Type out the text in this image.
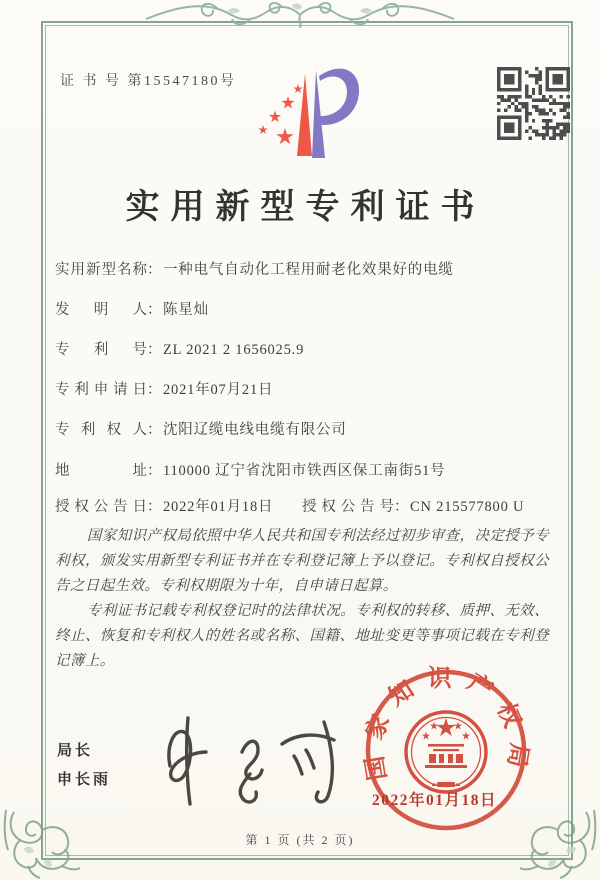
证 书 号 第15547180号
实用新型专利证书
实用新型名称： 一种电气自动化工程用耐老化效果好的电缆
发明人： 陈星灿
专利号： ZL 2021 2 1656025.9
专利申请日： 2021年07月21日
专利权人： 沈阳辽缆电线电缆有限公司
地址： 110000 辽宁省沈阳市铁西区保工南街51号
授权公告日： 2022年01月18日 授权公告号： CN 215577800 U

国家知识产权局依照中华人民共和国专利法经过初步审查，决定授予专利权，颁发实用新型专利证书并在专利登记簿上予以登记。专利权自授权公告之日起生效。专利权期限为十年，自申请日起算。

专利证书记载专利权登记时的法律状况。专利权的转移、质押、无效、终止、恢复和专利权人的姓名或名称、国籍、地址变更等事项记载在专利登记簿上。

局长
申长雨	国家知识产权局
2022年01月18日
第 1 页 (共 2 页)
